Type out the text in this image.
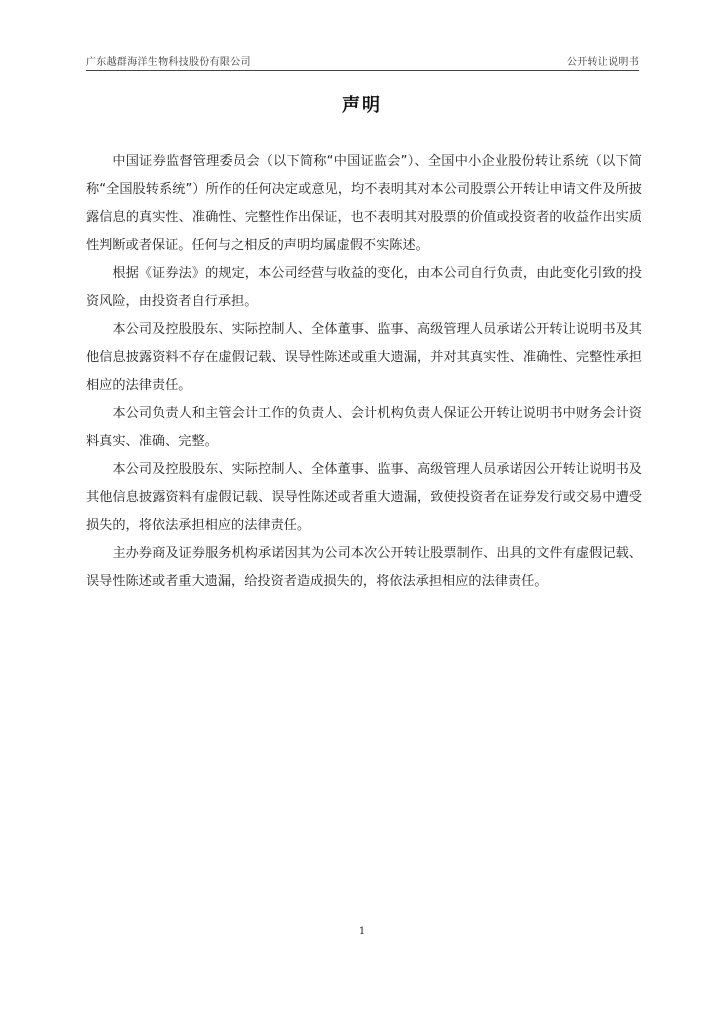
广东越群海洋生物科技股份有限公司	公开转让说明书
声明

中国证券监督管理委员会（以下简称“中国证监会”）、全国中小企业股份转让系统（以下简称“全国股转系统”）所作的任何决定或意见，均不表明其对本公司股票公开转让申请文件及所披露信息的真实性、准确性、完整性作出保证，也不表明其对股票的价值或投资者的收益作出实质性判断或者保证。任何与之相反的声明均属虚假不实陈述。

根据《证券法》的规定，本公司经营与收益的变化，由本公司自行负责，由此变化引致的投资风险，由投资者自行承担。

本公司及控股股东、实际控制人、全体董事、监事、高级管理人员承诺公开转让说明书及其他信息披露资料不存在虚假记载、误导性陈述或重大遗漏，并对其真实性、准确性、完整性承担相应的法律责任。

本公司负责人和主管会计工作的负责人、会计机构负责人保证公开转让说明书中财务会计资料真实、准确、完整。

本公司及控股股东、实际控制人、全体董事、监事、高级管理人员承诺因公开转让说明书及其他信息披露资料有虚假记载、误导性陈述或者重大遗漏，致使投资者在证券发行或交易中遭受损失的，将依法承担相应的法律责任。

主办券商及证券服务机构承诺因其为公司本次公开转让股票制作、出具的文件有虚假记载、误导性陈述或者重大遗漏，给投资者造成损失的，将依法承担相应的法律责任。

1
